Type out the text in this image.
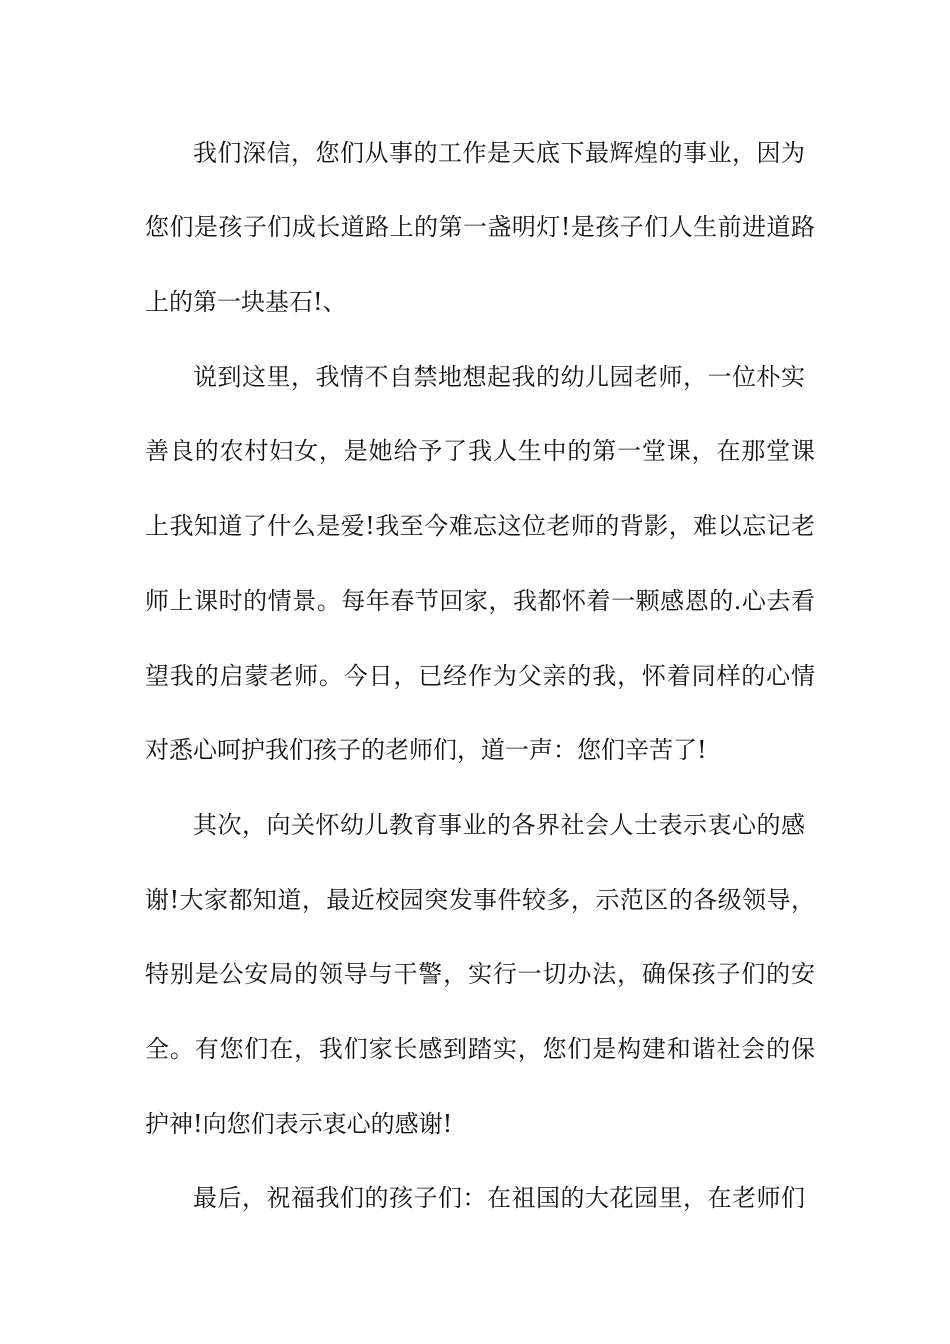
我们深信，您们从事的工作是天底下最辉煌的事业，因为
您们是孩子们成长道路上的第一盏明灯!是孩子们人生前进道路
上的第一块基石!、
说到这里，我情不自禁地想起我的幼儿园老师，一位朴实
善良的农村妇女，是她给予了我人生中的第一堂课，在那堂课
上我知道了什么是爱!我至今难忘这位老师的背影，难以忘记老
师上课时的情景。每年春节回家，我都怀着一颗感恩的.心去看
望我的启蒙老师。今日，已经作为父亲的我，怀着同样的心情
对悉心呵护我们孩子的老师们，道一声：您们辛苦了!
其次，向关怀幼儿教育事业的各界社会人士表示衷心的感
谢!大家都知道，最近校园突发事件较多，示范区的各级领导，
特别是公安局的领导与干警，实行一切办法，确保孩子们的安
全。有您们在，我们家长感到踏实，您们是构建和谐社会的保
护神!向您们表示衷心的感谢!
最后，祝福我们的孩子们：在祖国的大花园里，在老师们
